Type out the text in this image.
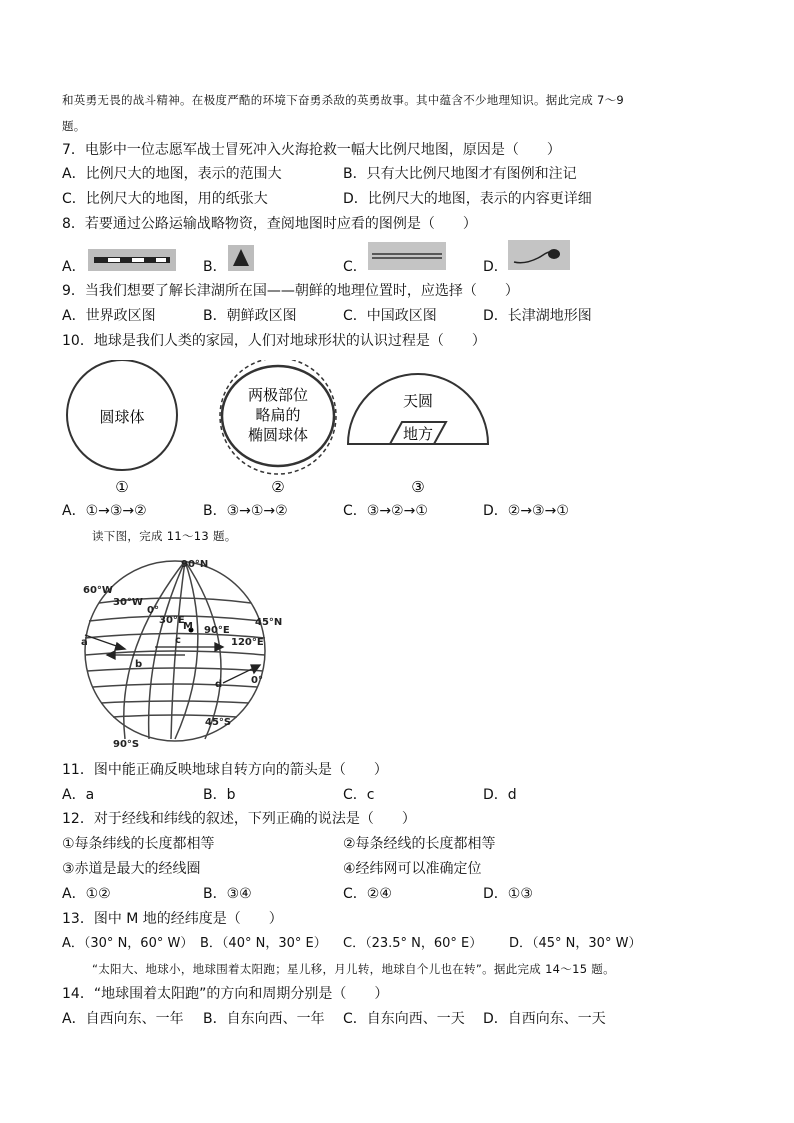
和英勇无畏的战斗精神。在极度严酷的环境下奋勇杀敌的英勇故事。其中蕴含不少地理知识。据此完成 7～9
题。
7．电影中一位志愿军战士冒死冲入火海抢救一幅大比例尺地图，原因是（　　）
A．比例尺大的地图，表示的范围大	B．只有大比例尺地图才有图例和注记
C．比例尺大的地图，用的纸张大	D．比例尺大的地图，表示的内容更详细
8．若要通过公路运输战略物资，查阅地图时应看的图例是（　　）
A．	B．	C．	D．
9．当我们想要了解长津湖所在国——朝鲜的地理位置时，应选择（　　）
A．世界政区图	B．朝鲜政区图	C．中国政区图	D．长津湖地形图
10．地球是我们人类的家园，人们对地球形状的认识过程是（　　）
圆球体
①
两极部位
略扁的
椭圆球体
②
天圆
地方
③
A．①→③→②	B．③→①→②	C．③→②→①	D．②→③→①
读下图，完成 11～13 题。
90°N
60°W
30°W
0°
30°E
90°E
120°E
45°N
0°
45°S
90°S
M
a
b
c
d
11．图中能正确反映地球自转方向的箭头是（　　）
A．a	B．b	C．c	D．d
12．对于经线和纬线的叙述，下列正确的说法是（　　）
①每条纬线的长度都相等	②每条经线的长度都相等
③赤道是最大的经线圈	④经纬网可以准确定位
A．①②	B．③④	C．②④	D．①③
13．图中 M 地的经纬度是（　　）
A．（30° N，60° W） B．（40° N，30° E） C．（23.5° N，60° E） D．（45° N，30° W）
“太阳大、地球小，地球围着太阳跑；星儿移，月儿转，地球自个儿也在转”。据此完成 14～15 题。
14．“地球围着太阳跑”的方向和周期分别是（　　）
A．自西向东、一年 B．自东向西、一年 C．自东向西、一天 D．自西向东、一天
